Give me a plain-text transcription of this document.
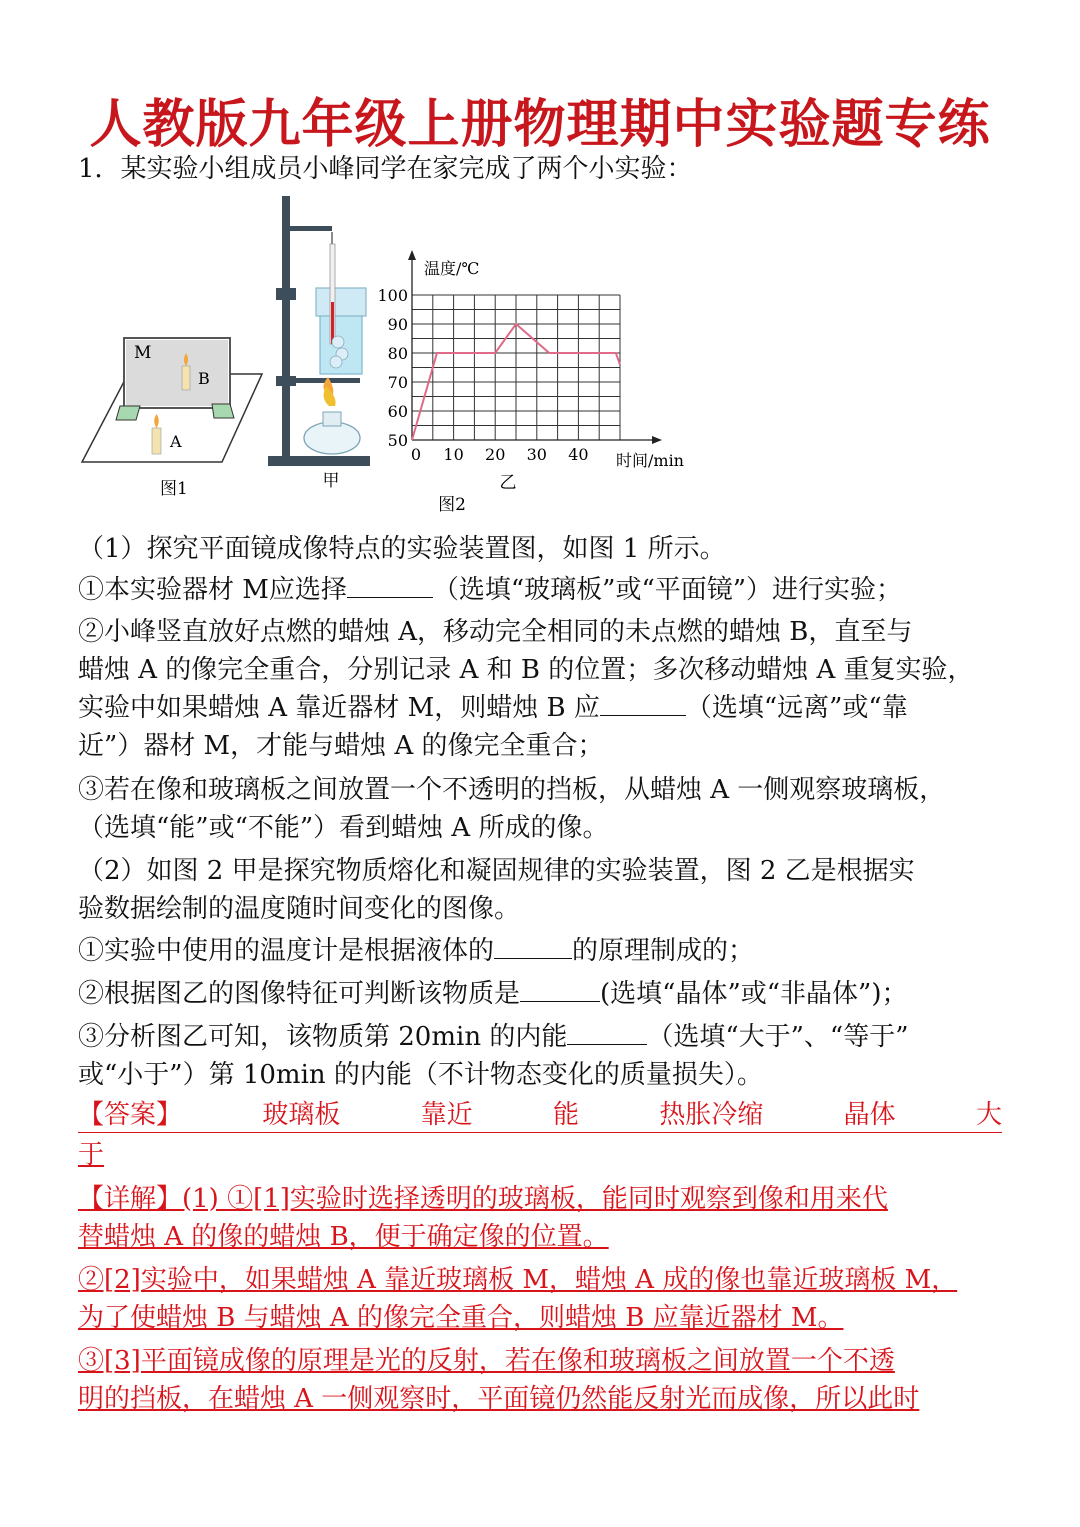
人教版九年级上册物理期中实验题专练
1．某实验小组成员小峰同学在家完成了两个小实验：
M
B
A
图1	甲
温度/℃
时间/min
100
90
80
70
60
50
0 10 20 30 40
乙
图2
（1）探究平面镜成像特点的实验装置图，如图 1 所示。
①本实验器材 M应选择	（选填“玻璃板”或“平面镜”）进行实验；
②小峰竖直放好点燃的蜡烛 A，移动完全相同的未点燃的蜡烛 B，直至与
蜡烛 A 的像完全重合，分别记录 A 和 B 的位置；多次移动蜡烛 A 重复实验，
实验中如果蜡烛 A 靠近器材 M，则蜡烛 B 应	（选填“远离”或“靠
近”）器材 M，才能与蜡烛 A 的像完全重合；
③若在像和玻璃板之间放置一个不透明的挡板，从蜡烛 A 一侧观察玻璃板，
（选填“能”或“不能”）看到蜡烛 A 所成的像。
（2）如图 2 甲是探究物质熔化和凝固规律的实验装置，图 2 乙是根据实
验数据绘制的温度随时间变化的图像。
①实验中使用的温度计是根据液体的	的原理制成的；
②根据图乙的图像特征可判断该物质是	(选填“晶体”或“非晶体”)；
③分析图乙可知，该物质第 20min 的内能	（选填“大于”、“等于”
或“小于”）第 10min 的内能（不计物态变化的质量损失）。
【答案】	玻璃板	靠近	能	热胀冷缩	晶体	大
于
【详解】(1) ①[1]实验时选择透明的玻璃板，能同时观察到像和用来代
替蜡烛 A 的像的蜡烛 B，便于确定像的位置。
②[2]实验中，如果蜡烛 A 靠近玻璃板 M，蜡烛 A 成的像也靠近玻璃板 M，
为了使蜡烛 B 与蜡烛 A 的像完全重合，则蜡烛 B 应靠近器材 M。
③[3]平面镜成像的原理是光的反射，若在像和玻璃板之间放置一个不透
明的挡板，在蜡烛 A 一侧观察时，平面镜仍然能反射光而成像，所以此时
